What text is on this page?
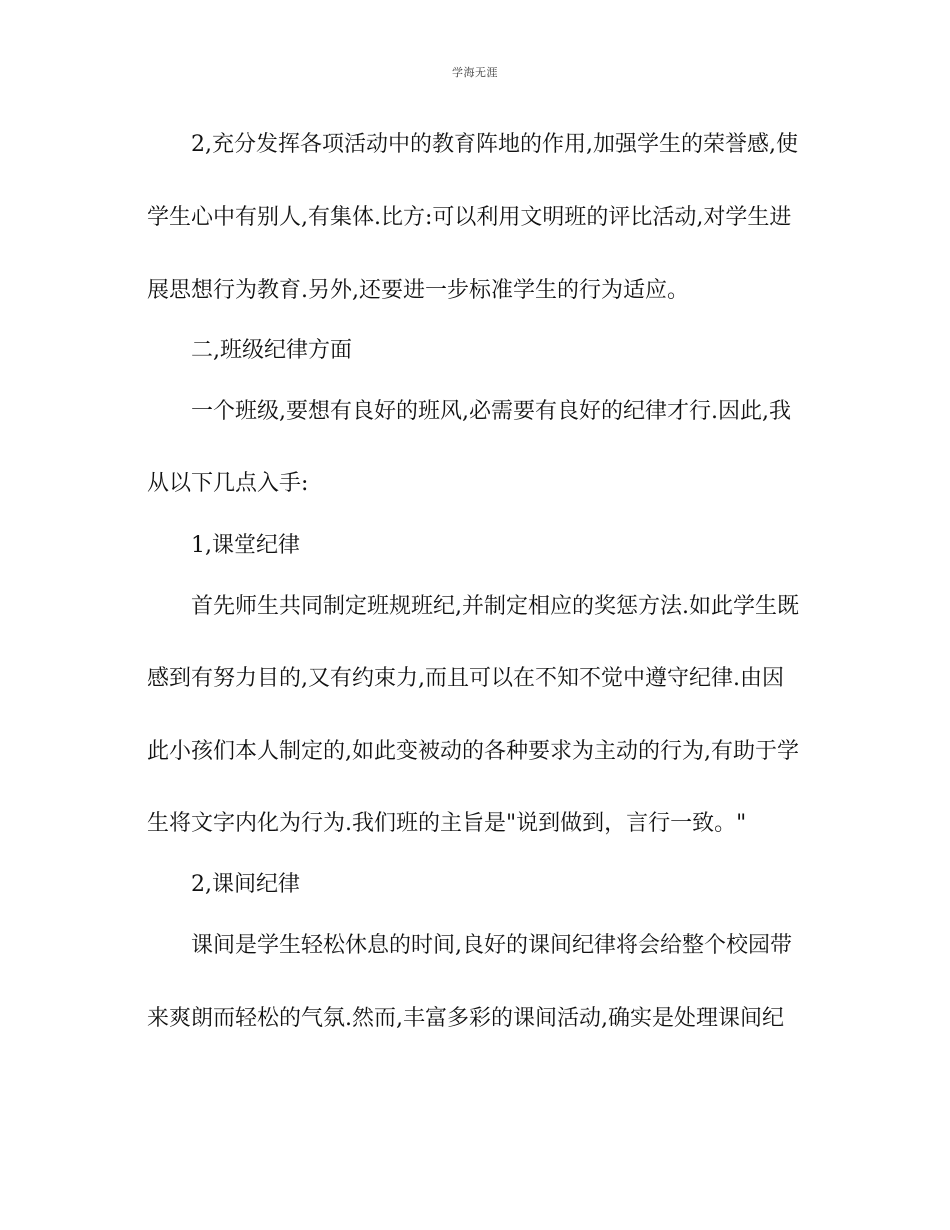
学海无涯
2,充分发挥各项活动中的教育阵地的作用,加强学生的荣誉感,使
学生心中有别人,有集体.比方:可以利用文明班的评比活动,对学生进
展思想行为教育.另外,还要进一步标准学生的行为适应。
二,班级纪律方面
一个班级,要想有良好的班风,必需要有良好的纪律才行.因此,我
从以下几点入手:
1,课堂纪律
首先师生共同制定班规班纪,并制定相应的奖惩方法.如此学生既
感到有努力目的,又有约束力,而且可以在不知不觉中遵守纪律.由因
此小孩们本人制定的,如此变被动的各种要求为主动的行为,有助于学
生将文字内化为行为.我们班的主旨是"说到做到，言行一致。"
2,课间纪律
课间是学生轻松休息的时间,良好的课间纪律将会给整个校园带
来爽朗而轻松的气氛.然而,丰富多彩的课间活动,确实是处理课间纪
